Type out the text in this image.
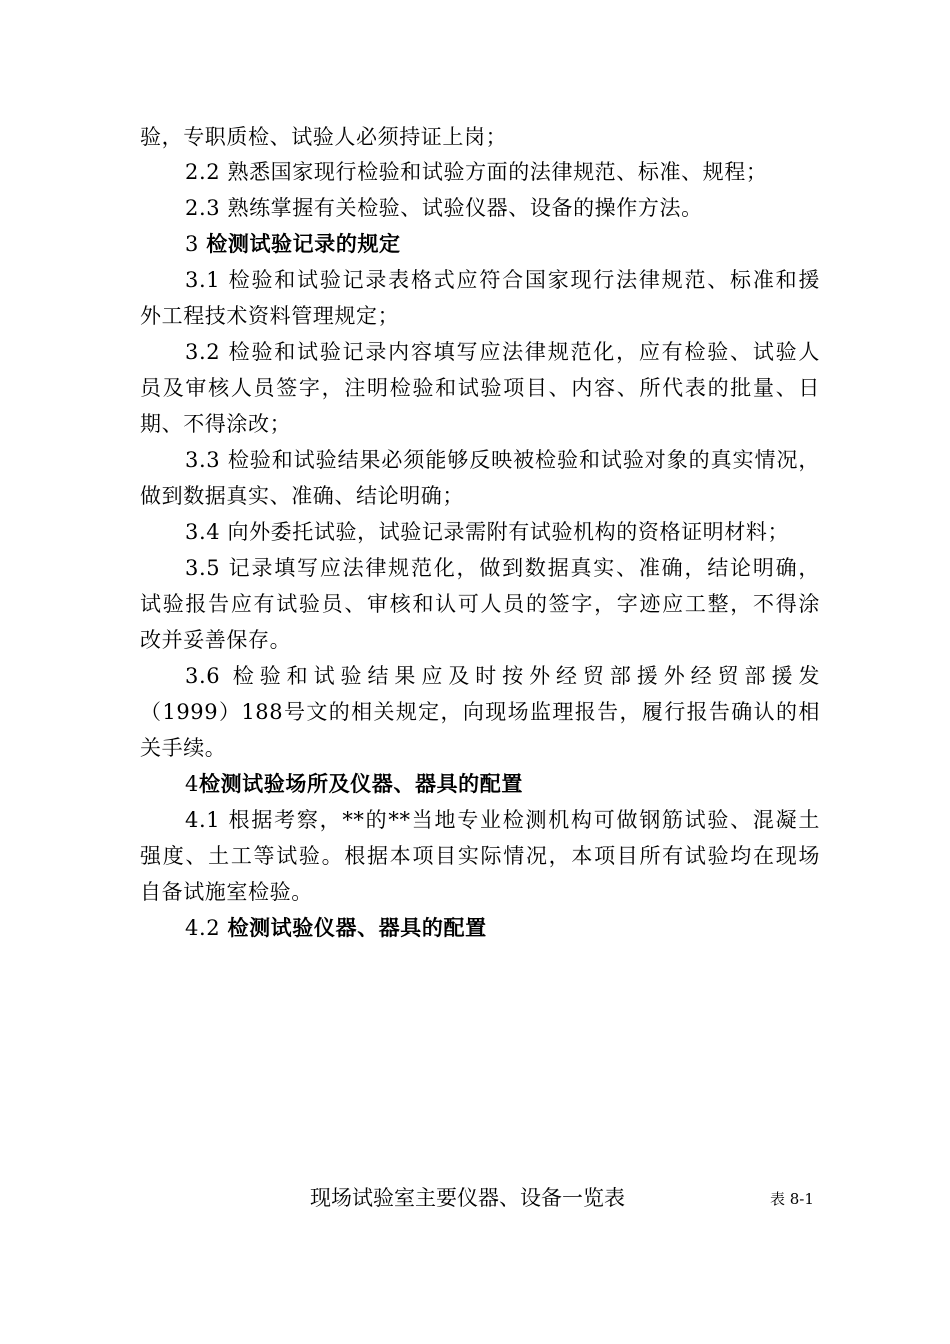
验，专职质检、试验人必须持证上岗；
2.2 熟悉国家现行检验和试验方面的法律规范、标准、规程；
2.3 熟练掌握有关检验、试验仪器、设备的操作方法。
3 检测试验记录的规定
3.1 检验和试验记录表格式应符合国家现行法律规范、标准和援
外工程技术资料管理规定；
3.2 检验和试验记录内容填写应法律规范化，应有检验、试验人
员及审核人员签字，注明检验和试验项目、内容、所代表的批量、日
期、不得涂改；
3.3 检验和试验结果必须能够反映被检验和试验对象的真实情况，
做到数据真实、准确、结论明确；
3.4 向外委托试验，试验记录需附有试验机构的资格证明材料；
3.5 记录填写应法律规范化，做到数据真实、准确，结论明确，
试验报告应有试验员、审核和认可人员的签字，字迹应工整，不得涂
改并妥善保存。
3.6 检验和试验结果应及时按外经贸部援外经贸部援发
（1999）188号文的相关规定，向现场监理报告，履行报告确认的相
关手续。
4检测试验场所及仪器、器具的配置
4.1 根据考察，**的**当地专业检测机构可做钢筋试验、混凝土
强度、土工等试验。根据本项目实际情况，本项目所有试验均在现场
自备试施室检验。
4.2 检测试验仪器、器具的配置
现场试验室主要仪器、设备一览表	表 8-1
